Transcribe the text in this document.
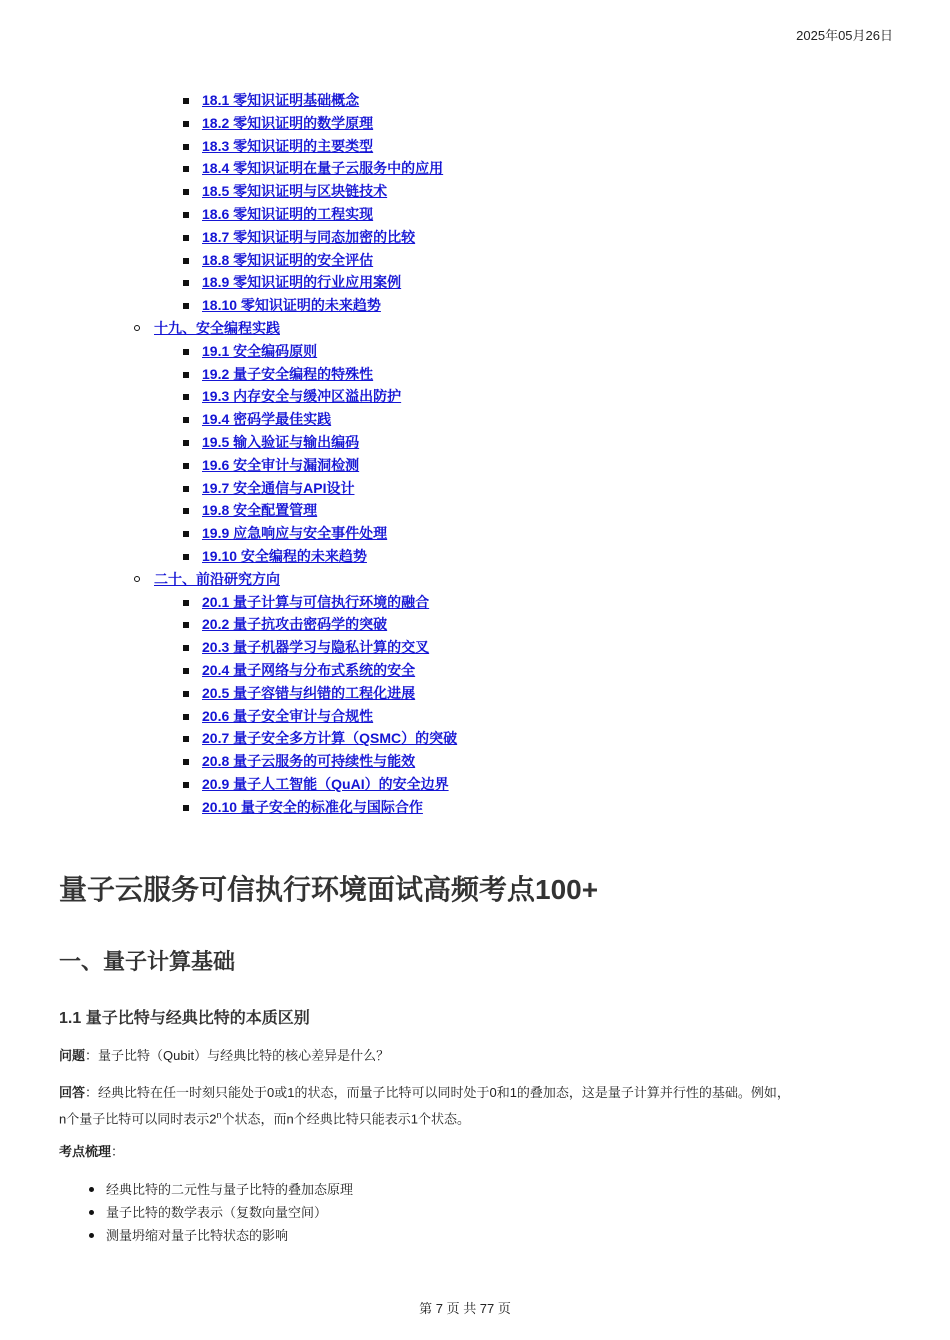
2025年05月26日
18.1 零知识证明基础概念
18.2 零知识证明的数学原理
18.3 零知识证明的主要类型
18.4 零知识证明在量子云服务中的应用
18.5 零知识证明与区块链技术
18.6 零知识证明的工程实现
18.7 零知识证明与同态加密的比较
18.8 零知识证明的安全评估
18.9 零知识证明的行业应用案例
18.10 零知识证明的未来趋势
十九、安全编程实践
19.1 安全编码原则
19.2 量子安全编程的特殊性
19.3 内存安全与缓冲区溢出防护
19.4 密码学最佳实践
19.5 输入验证与输出编码
19.6 安全审计与漏洞检测
19.7 安全通信与API设计
19.8 安全配置管理
19.9 应急响应与安全事件处理
19.10 安全编程的未来趋势
二十、前沿研究方向
20.1 量子计算与可信执行环境的融合
20.2 量子抗攻击密码学的突破
20.3 量子机器学习与隐私计算的交叉
20.4 量子网络与分布式系统的安全
20.5 量子容错与纠错的工程化进展
20.6 量子安全审计与合规性
20.7 量子安全多方计算（QSMC）的突破
20.8 量子云服务的可持续性与能效
20.9 量子人工智能（QuAI）的安全边界
20.10 量子安全的标准化与国际合作
量子云服务可信执行环境面试高频考点100+
一、量子计算基础
1.1 量子比特与经典比特的本质区别

问题：量子比特（Qubit）与经典比特的核心差异是什么？

回答：经典比特在任一时刻只能处于0或1的状态，而量子比特可以同时处于0和1的叠加态，这是量子计算并行性的基础。例如，
n个量子比特可以同时表示2$^n$个状态，而n个经典比特只能表示1个状态。

考点梳理：

经典比特的二元性与量子比特的叠加态原理
量子比特的数学表示（复数向量空间）
测量坍缩对量子比特状态的影响
第 7 页 共 77 页
